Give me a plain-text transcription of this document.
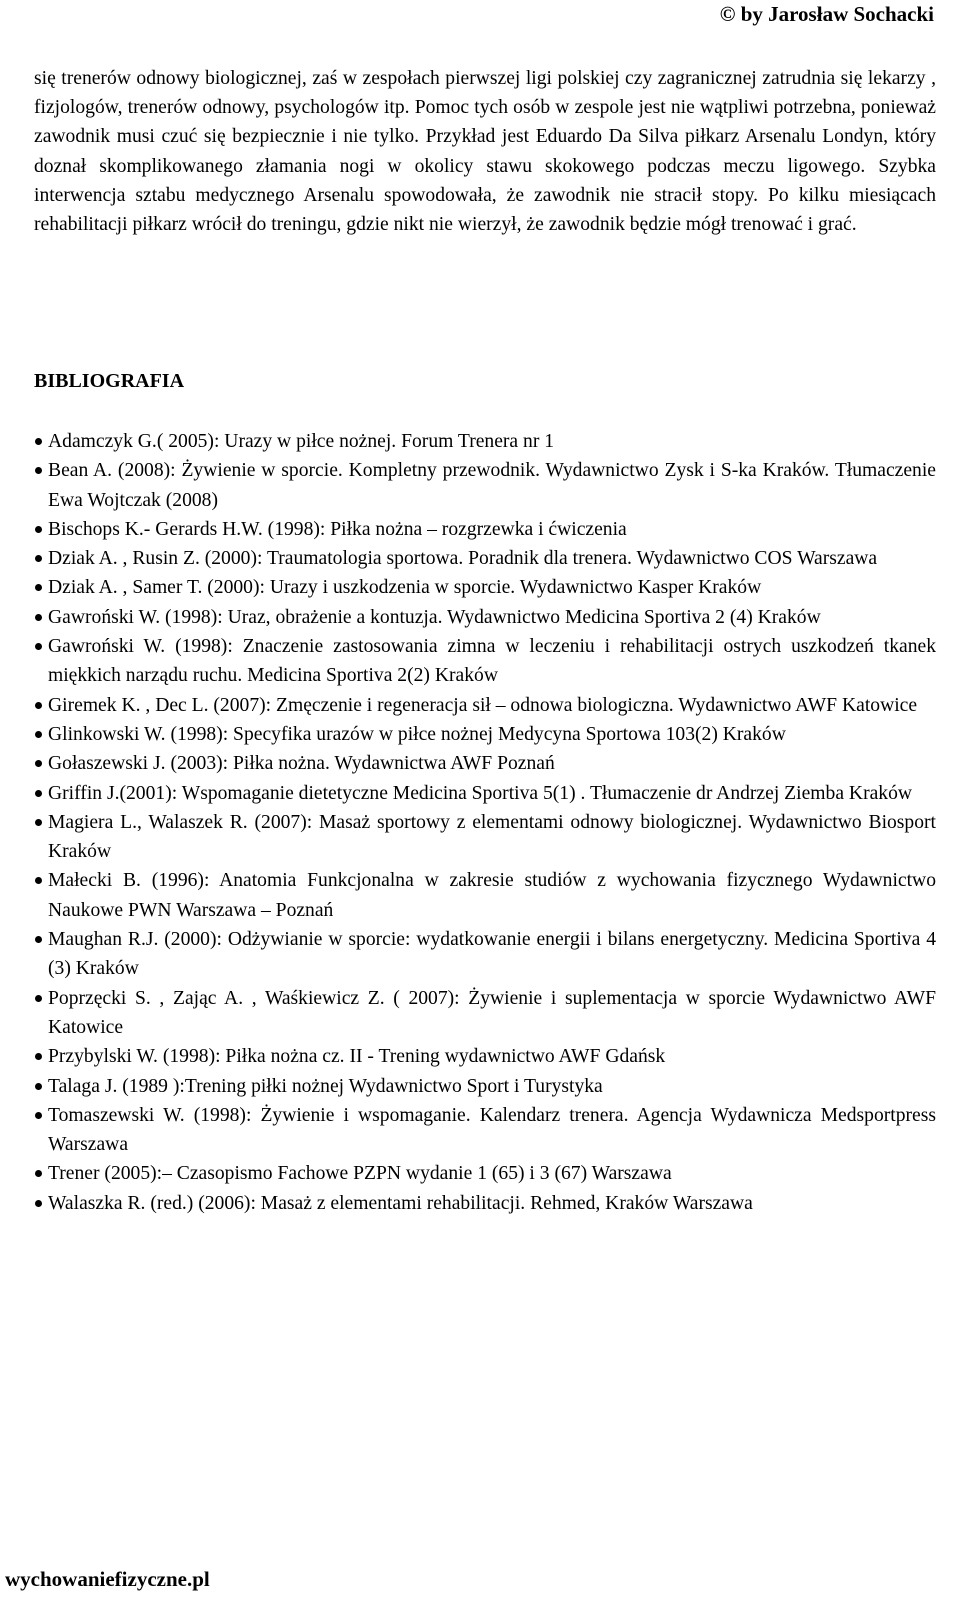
© by Jarosław Sochacki

się trenerów odnowy biologicznej, zaś w zespołach pierwszej ligi polskiej czy zagranicznej zatrudnia się lekarzy , fizjologów, trenerów odnowy, psychologów itp. Pomoc tych osób w zespole jest nie wątpliwi potrzebna, ponieważ zawodnik musi czuć się bezpiecznie i nie tylko. Przykład jest Eduardo Da Silva piłkarz Arsenalu Londyn, który doznał skomplikowanego złamania nogi w okolicy stawu skokowego podczas meczu ligowego. Szybka interwencja sztabu medycznego Arsenalu spowodowała, że zawodnik nie stracił stopy. Po kilku miesiącach rehabilitacji piłkarz wrócił do treningu, gdzie nikt nie wierzył, że zawodnik będzie mógł trenować i grać.

BIBLIOGRAFIA
Adamczyk G.( 2005): Urazy w piłce nożnej. Forum Trenera nr 1
Bean A. (2008): Żywienie w sporcie. Kompletny przewodnik. Wydawnictwo Zysk i S-ka Kraków. Tłumaczenie Ewa Wojtczak (2008)
Bischops K.- Gerards H.W. (1998): Piłka nożna – rozgrzewka i ćwiczenia
Dziak A. , Rusin Z. (2000): Traumatologia sportowa. Poradnik dla trenera. Wydawnictwo COS Warszawa
Dziak A. , Samer T. (2000): Urazy i uszkodzenia w sporcie. Wydawnictwo Kasper Kraków
Gawroński W. (1998): Uraz, obrażenie a kontuzja. Wydawnictwo Medicina Sportiva 2 (4) Kraków
Gawroński W. (1998): Znaczenie zastosowania zimna w leczeniu i rehabilitacji ostrych uszkodzeń tkanek miękkich narządu ruchu. Medicina Sportiva 2(2) Kraków
Giremek K. , Dec L. (2007): Zmęczenie i regeneracja sił – odnowa biologiczna. Wydawnictwo AWF Katowice
Glinkowski W. (1998): Specyfika urazów w piłce nożnej Medycyna Sportowa 103(2) Kraków
Gołaszewski J. (2003): Piłka nożna. Wydawnictwa AWF Poznań
Griffin J.(2001): Wspomaganie dietetyczne Medicina Sportiva 5(1) . Tłumaczenie dr Andrzej Ziemba Kraków
Magiera L., Walaszek R. (2007): Masaż sportowy z elementami odnowy biologicznej. Wydawnictwo Biosport Kraków
Małecki B. (1996): Anatomia Funkcjonalna w zakresie studiów z wychowania fizycznego Wydawnictwo Naukowe PWN Warszawa – Poznań
Maughan R.J. (2000): Odżywianie w sporcie: wydatkowanie energii i bilans energetyczny. Medicina Sportiva 4 (3) Kraków
Poprzęcki S. , Zając A. , Waśkiewicz Z. ( 2007): Żywienie i suplementacja w sporcie Wydawnictwo AWF Katowice
Przybylski W. (1998): Piłka nożna cz. II - Trening wydawnictwo AWF Gdańsk
Talaga J. (1989 ):Trening piłki nożnej Wydawnictwo Sport i Turystyka
Tomaszewski W. (1998): Żywienie i wspomaganie. Kalendarz trenera. Agencja Wydawnicza Medsportpress Warszawa
Trener (2005):– Czasopismo Fachowe PZPN wydanie 1 (65) i 3 (67) Warszawa
Walaszka R. (red.) (2006): Masaż z elementami rehabilitacji. Rehmed, Kraków Warszawa
wychowaniefizyczne.pl
